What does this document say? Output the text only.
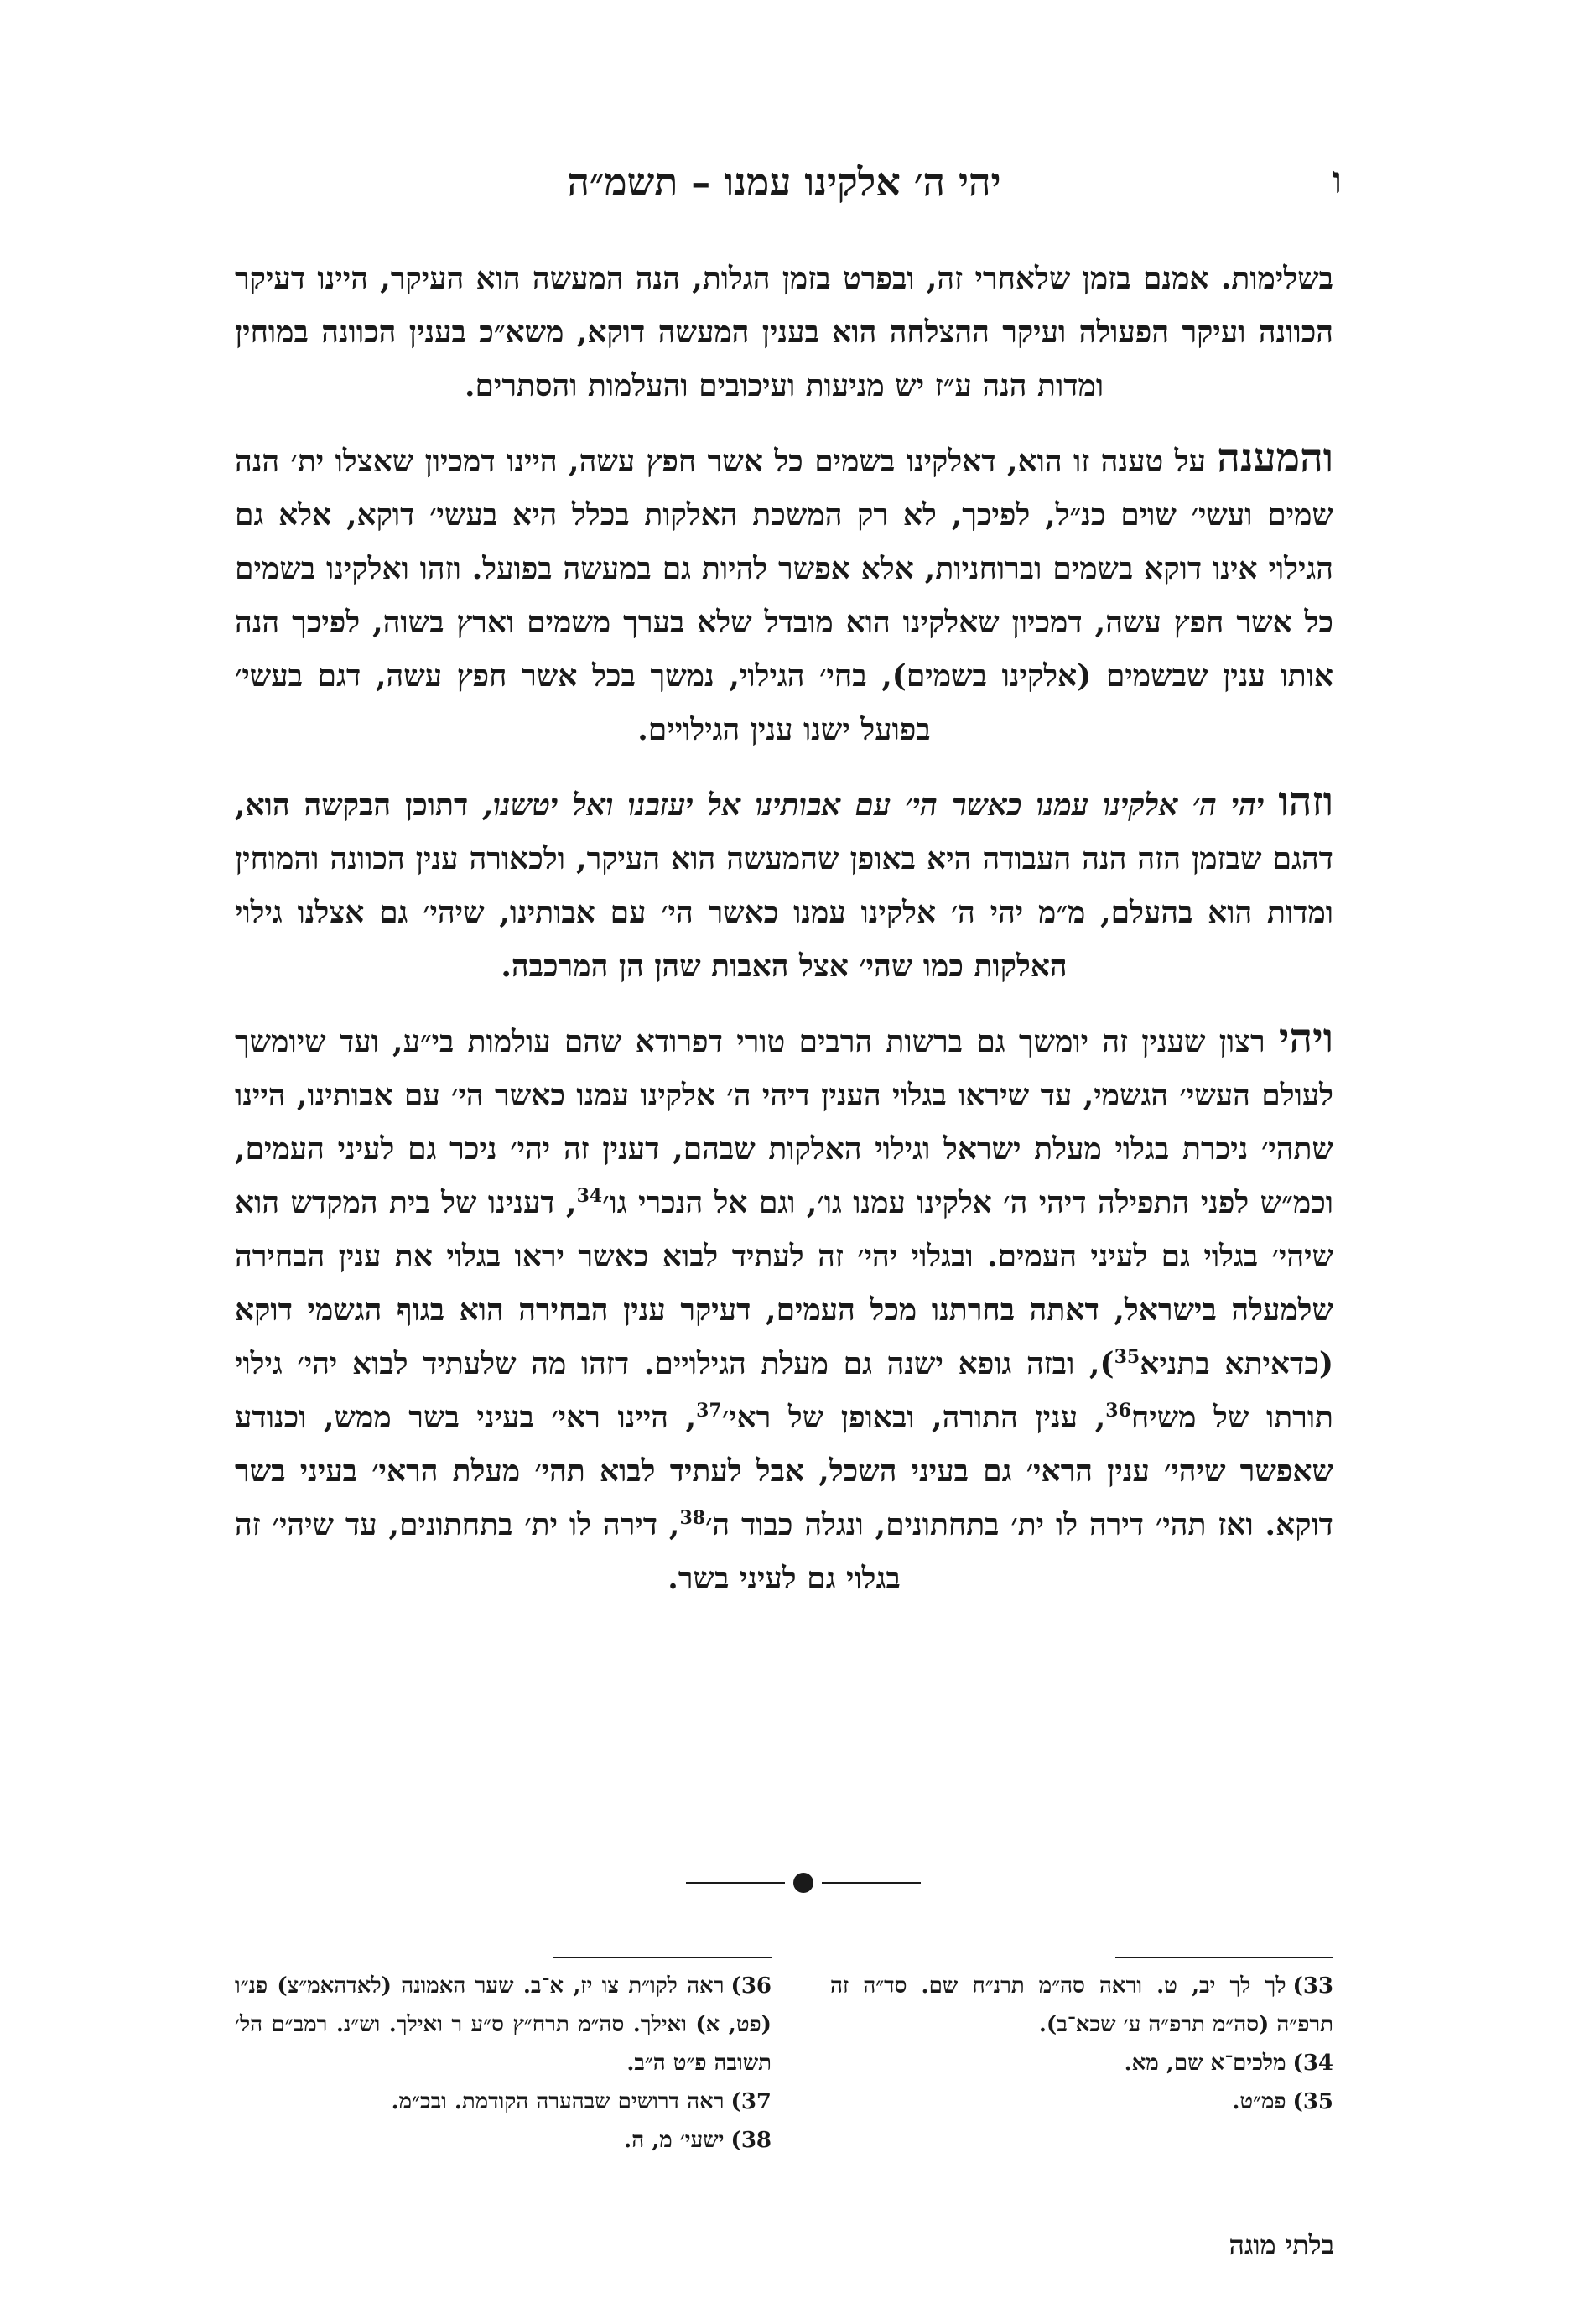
ו
יהי ה׳ אלקינו עמנו – תשמ״ה

בשלימות. אמנם בזמן שלאחרי זה, ובפרט בזמן הגלות, הנה המעשה הוא העיקר, היינו דעיקר הכוונה ועיקר הפעולה ועיקר ההצלחה הוא בענין המעשה דוקא, משא״כ בענין הכוונה במוחין ומדות הנה ע״ז יש מניעות ועיכובים והעלמות והסתרים.

והמענה על טענה זו הוא, דאלקינו בשמים כל אשר חפץ עשה, היינו דמכיון שאצלו ית׳ הנה שמים ועשי׳ שוים כנ״ל, לפיכך, לא רק המשכת האלקות בכלל היא בעשי׳ דוקא, אלא גם הגילוי אינו דוקא בשמים וברוחניות, אלא אפשר להיות גם במעשה בפועל. וזהו ואלקינו בשמים כל אשר חפץ עשה, דמכיון שאלקינו הוא מובדל שלא בערך משמים וארץ בשוה, לפיכך הנה אותו ענין שבשמים (אלקינו בשמים), בחי׳ הגילוי, נמשך בכל אשר חפץ עשה, דגם בעשי׳ בפועל ישנו ענין הגילויים.

וזהו יהי ה׳ אלקינו עמנו כאשר הי׳ עם אבותינו אל יעזבנו ואל יטשנו, דתוכן הבקשה הוא, דהגם שבזמן הזה הנה העבודה היא באופן שהמעשה הוא העיקר, ולכאורה ענין הכוונה והמוחין ומדות הוא בהעלם, מ״מ יהי ה׳ אלקינו עמנו כאשר הי׳ עם אבותינו, שיהי׳ גם אצלנו גילוי האלקות כמו שהי׳ אצל האבות שהן הן המרכבה.

ויהי רצון שענין זה יומשך גם ברשות הרבים טורי דפרודא שהם עולמות בי״ע, ועד שיומשך לעולם העשי׳ הגשמי, עד שיראו בגלוי הענין דיהי ה׳ אלקינו עמנו כאשר הי׳ עם אבותינו, היינו שתהי׳ ניכרת בגלוי מעלת ישראל וגילוי האלקות שבהם, דענין זה יהי׳ ניכר גם לעיני העמים, וכמ״ש לפני התפילה דיהי ה׳ אלקינו עמנו גו׳, וגם אל הנכרי גו׳$^{34}$, דענינו של בית המקדש הוא שיהי׳ בגלוי גם לעיני העמים. ובגלוי יהי׳ זה לעתיד לבוא כאשר יראו בגלוי את ענין הבחירה שלמעלה בישראל, דאתה בחרתנו מכל העמים, דעיקר ענין הבחירה הוא בגוף הגשמי דוקא (כדאיתא בתניא$^{35}$), ובזה גופא ישנה גם מעלת הגילויים. דזהו מה שלעתיד לבוא יהי׳ גילוי תורתו של משיח$^{36}$, ענין התורה, ובאופן של ראי׳$^{37}$, היינו ראי׳ בעיני בשר ממש, וכנודע שאפשר שיהי׳ ענין הראי׳ גם בעיני השכל, אבל לעתיד לבוא תהי׳ מעלת הראי׳ בעיני בשר דוקא. ואז תהי׳ דירה לו ית׳ בתחתונים, ונגלה כבוד ה׳$^{38}$, דירה לו ית׳ בתחתונים, עד שיהי׳ זה בגלוי גם לעיני בשר.

33)לך לך יב, ט. וראה סה״מ תרנ״ח שם. סד״ה זה תרפ״ה (סה״מ תרפ״ה ע׳ שכא־ב).

34)מלכים־א שם, מא.

35)פמ״ט.

36)ראה לקו״ת צו יז, א־ב. שער האמונה (לאדהאמ״צ) פנ״ו (פט, א) ואילך. סה״מ תרח״ץ ס״ע ר ואילך. וש״נ. רמב״ם הל׳ תשובה פ״ט ה״ב.

37)ראה דרושים שבהערה הקודמת. ובכ״מ.

38)ישעי׳ מ, ה.

בלתי מוגה
